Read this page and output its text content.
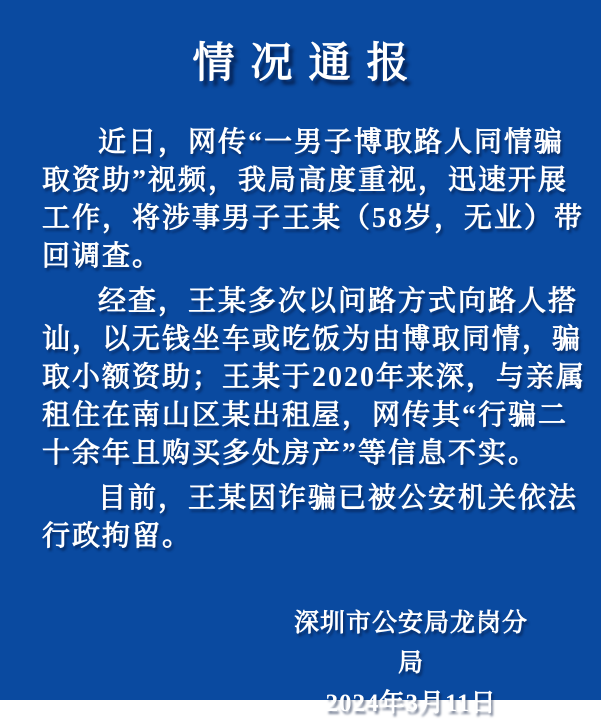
情况通报
近日，网传“一男子博取路人同情骗
取资助”视频，我局高度重视，迅速开展
工作，将涉事男子王某（58岁，无业）带
回调查。
经查，王某多次以问路方式向路人搭
讪，以无钱坐车或吃饭为由博取同情，骗
取小额资助；王某于2020年来深，与亲属
租住在南山区某出租屋，网传其“行骗二
十余年且购买多处房产”等信息不实。
目前，王某因诈骗已被公安机关依法
行政拘留。
深圳市公安局龙岗分局
2024年3月11日
